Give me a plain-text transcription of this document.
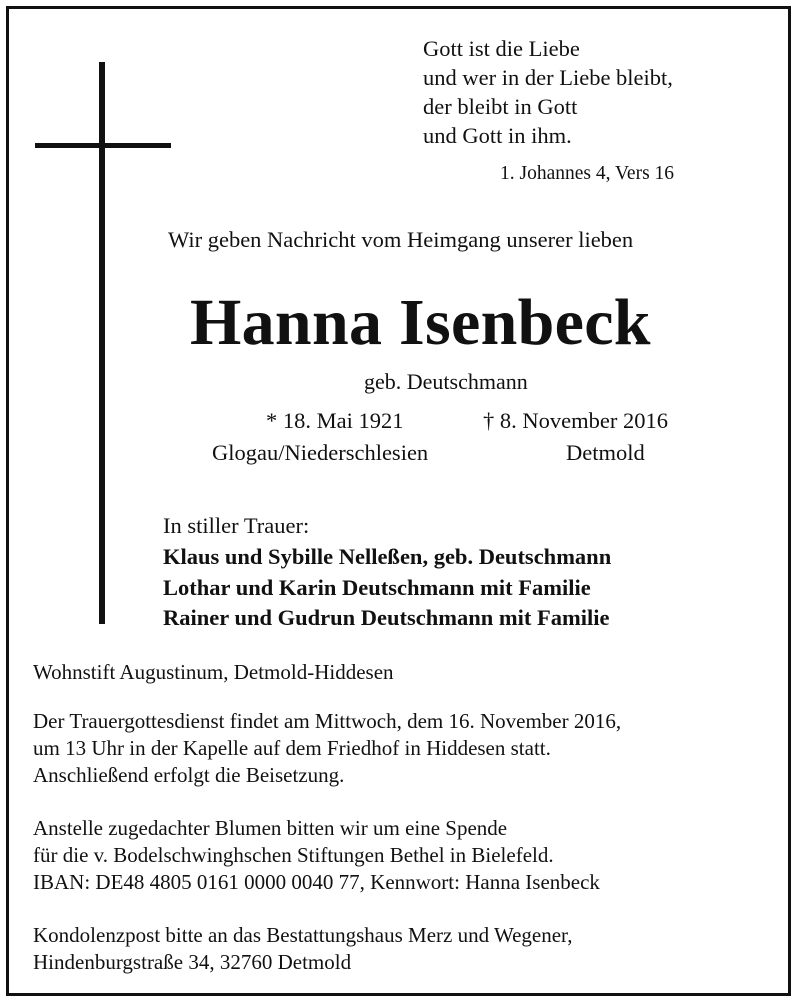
Gott ist die Liebe
und wer in der Liebe bleibt,
der bleibt in Gott
und Gott in ihm.
1. Johannes 4, Vers 16
Wir geben Nachricht vom Heimgang unserer lieben
Hanna Isenbeck
geb. Deutschmann
* 18. Mai 1921	† 8. November 2016
Glogau/Niederschlesien	Detmold
In stiller Trauer:
Klaus und Sybille Nelleßen, geb. Deutschmann
Lothar und Karin Deutschmann mit Familie
Rainer und Gudrun Deutschmann mit Familie
Wohnstift Augustinum, Detmold-Hiddesen
Der Trauergottesdienst findet am Mittwoch, dem 16. November 2016,
um 13 Uhr in der Kapelle auf dem Friedhof in Hiddesen statt.
Anschließend erfolgt die Beisetzung.
Anstelle zugedachter Blumen bitten wir um eine Spende
für die v. Bodelschwinghschen Stiftungen Bethel in Bielefeld.
IBAN: DE48 4805 0161 0000 0040 77, Kennwort: Hanna Isenbeck
Kondolenzpost bitte an das Bestattungshaus Merz und Wegener,
Hindenburgstraße 34, 32760 Detmold
